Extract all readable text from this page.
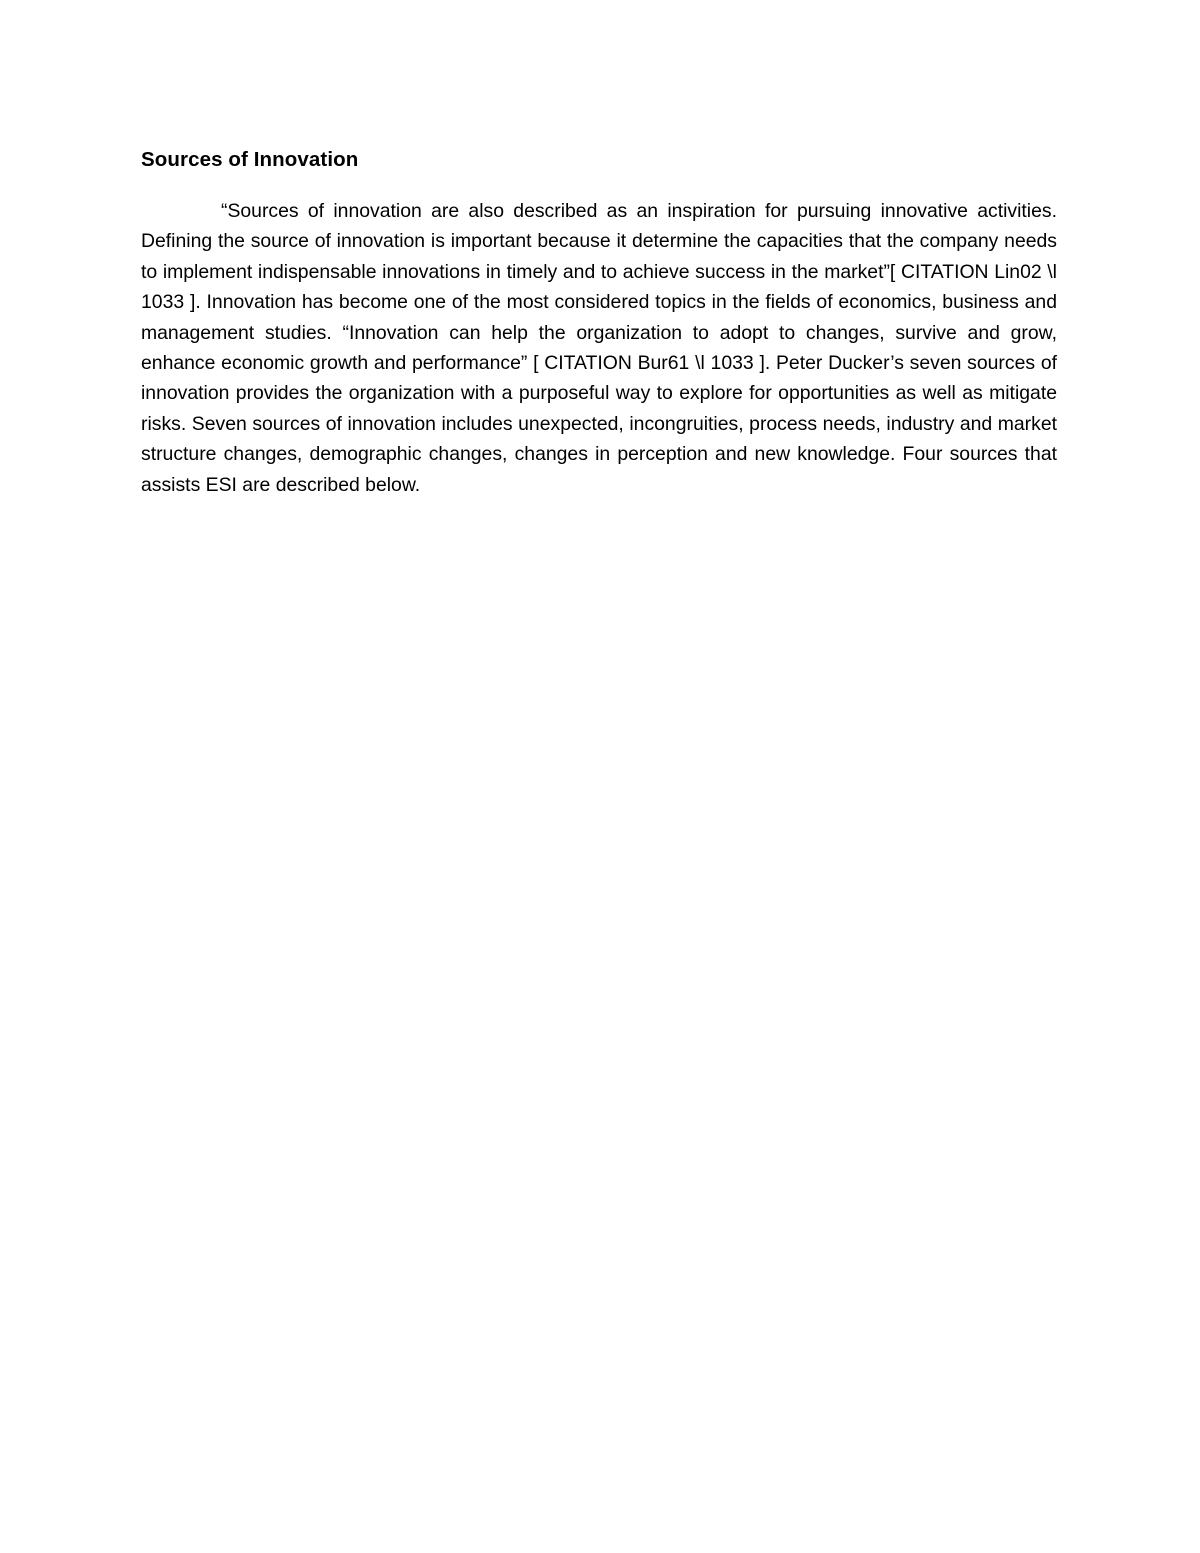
Sources of Innovation

“Sources of innovation are also described as an inspiration for pursuing innovative activities. Defining the source of innovation is important because it determine the capacities that the company needs to implement indispensable innovations in timely and to achieve success in the market”[ CITATION Lin02 \l 1033 ]. Innovation has become one of the most considered topics in the fields of economics, business and management studies. “Innovation can help the organization to adopt to changes, survive and grow, enhance economic growth and performance” [ CITATION Bur61 \l 1033 ]. Peter Ducker’s seven sources of innovation provides the organization with a purposeful way to explore for opportunities as well as mitigate risks. Seven sources of innovation includes unexpected, incongruities, process needs, industry and market structure changes, demographic changes, changes in perception and new knowledge. Four sources that assists ESI are described below.
